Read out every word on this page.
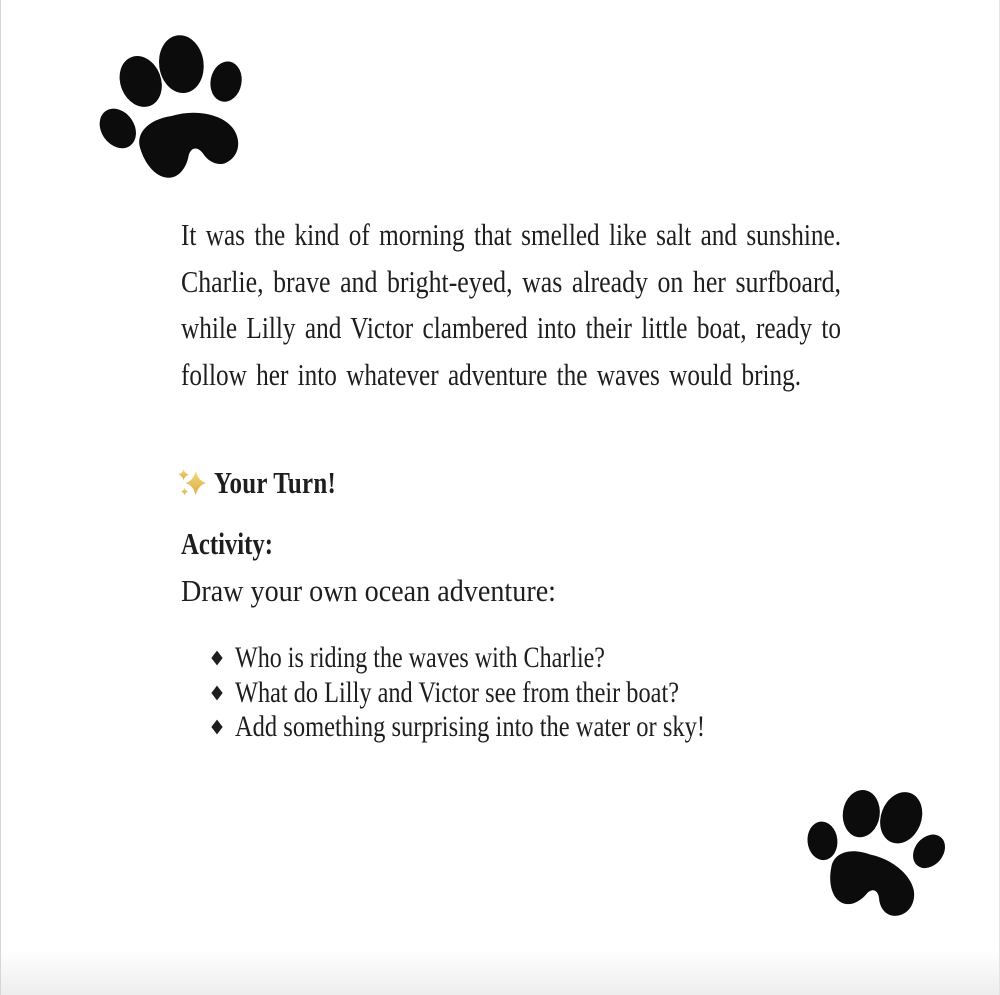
It was the kind of morning that smelled like salt and sunshine.
Charlie, brave and bright-eyed, was already on her surfboard,
while Lilly and Victor clambered into their little boat, ready to
follow her into whatever adventure the waves would bring.
Your Turn!
Activity:
Draw your own ocean adventure:
Who is riding the waves with Charlie?
What do Lilly and Victor see from their boat?
Add something surprising into the water or sky!
